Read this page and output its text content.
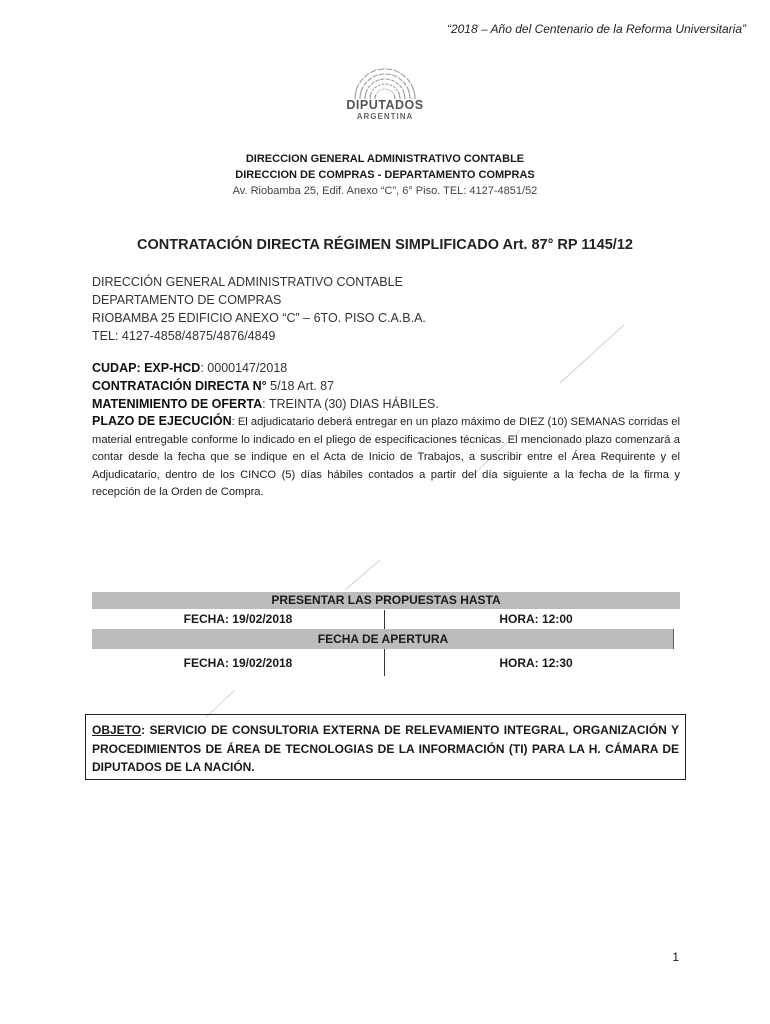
“2018 – Año del Centenario de la Reforma Universitaria”
DIPUTADOS
ARGENTINA
DIRECCION GENERAL ADMINISTRATIVO CONTABLE
DIRECCION DE COMPRAS - DEPARTAMENTO COMPRAS
Av. Riobamba 25, Edif. Anexo “C”, 6° Piso. TEL: 4127-4851/52
CONTRATACIÓN DIRECTA RÉGIMEN SIMPLIFICADO Art. 87° RP 1145/12
DIRECCIÓN GENERAL ADMINISTRATIVO CONTABLE
DEPARTAMENTO DE COMPRAS
RIOBAMBA 25 EDIFICIO ANEXO “C” – 6TO. PISO C.A.B.A.
TEL: 4127-4858/4875/4876/4849
CUDAP: EXP-HCD: 0000147/2018
CONTRATACIÓN DIRECTA N° 5/18 Art. 87
MATENIMIENTO DE OFERTA: TREINTA (30) DIAS HÁBILES.
PLAZO DE EJECUCIÓN: El adjudicatario deberá entregar en un plazo máximo de DIEZ (10) SEMANAS corridas el material entregable conforme lo indicado en el pliego de especificaciones técnicas. El mencionado plazo comenzará a contar desde la fecha que se indique en el Acta de Inicio de Trabajos, a suscribir entre el Área Requirente y el Adjudicatario, dentro de los CINCO (5) días hábiles contados a partir del día siguiente a la fecha de la firma y recepción de la Orden de Compra.
PRESENTAR LAS PROPUESTAS HASTA
FECHA: 19/02/2018	HORA: 12:00
FECHA DE APERTURA
FECHA: 19/02/2018	HORA: 12:30
OBJETO: SERVICIO DE CONSULTORIA EXTERNA DE RELEVAMIENTO INTEGRAL, ORGANIZACIÓN Y PROCEDIMIENTOS DE ÁREA DE TECNOLOGIAS DE LA INFORMACIÓN (TI) PARA LA H. CÁMARA DE DIPUTADOS DE LA NACIÓN.
1
